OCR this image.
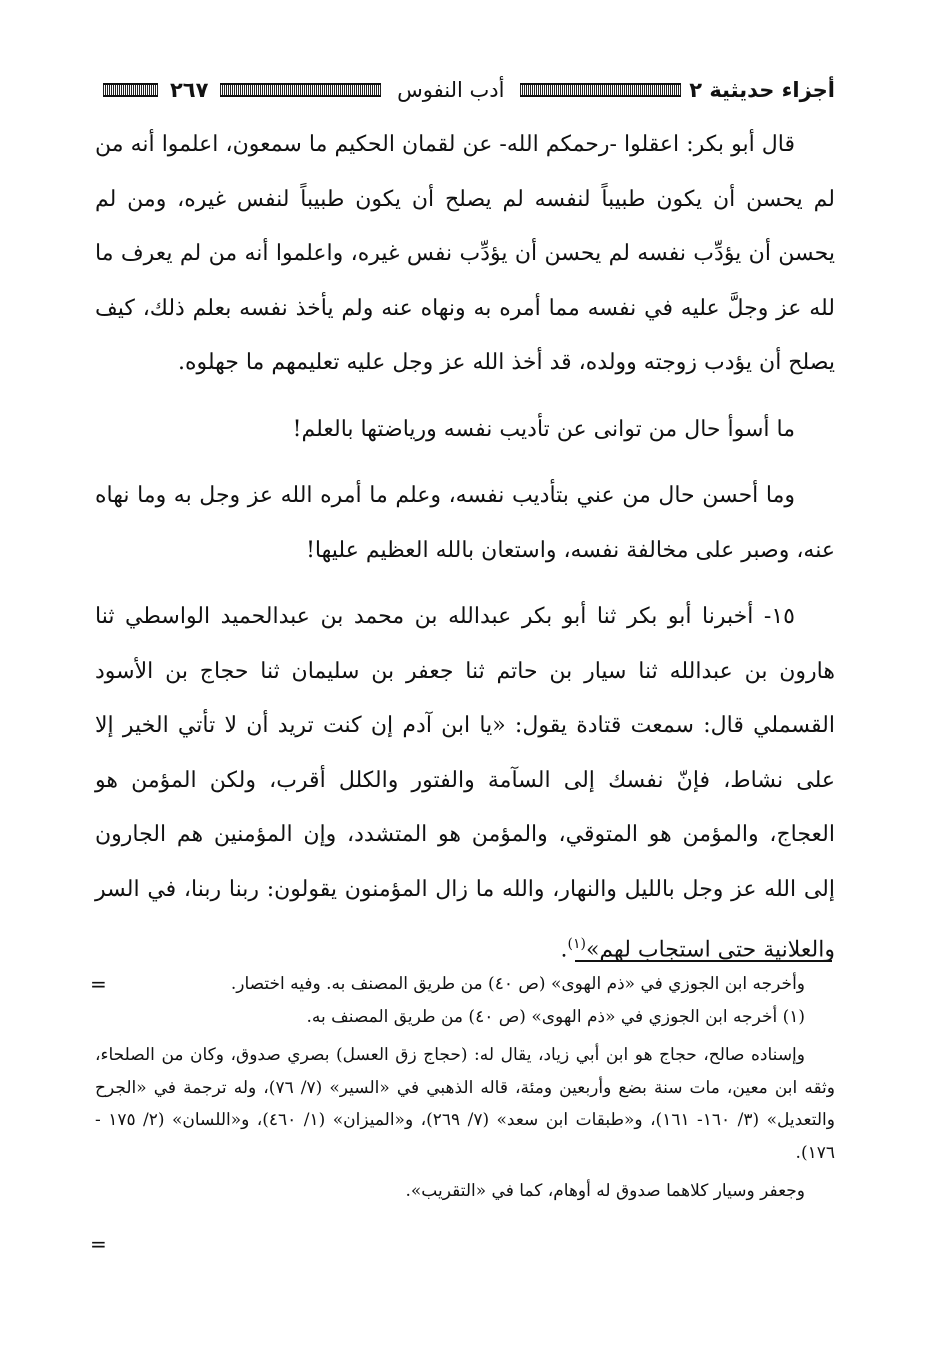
أجزاء حديثية ٢
أدب النفوس
٢٦٧

قال أبو بكر: اعقلوا -رحمكم الله- عن لقمان الحكيم ما سمعون، اعلموا أنه من لم يحسن أن يكون طبيباً لنفسه لم يصلح أن يكون طبيباً لنفس غيره، ومن لم يحسن أن يؤدِّب نفسه لم يحسن أن يؤدِّب نفس غيره، واعلموا أنه من لم يعرف ما لله عز وجلَّ عليه في نفسه مما أمره به ونهاه عنه ولم يأخذ نفسه بعلم ذلك، كيف يصلح أن يؤدب زوجته وولده، قد أخذ الله عز وجل عليه تعليمهم ما جهلوه.

ما أسوأ حال من توانى عن تأديب نفسه ورياضتها بالعلم!

وما أحسن حال من عني بتأديب نفسه، وعلم ما أمره الله عز وجل به وما نهاه عنه، وصبر على مخالفة نفسه، واستعان بالله العظيم عليها!

١٥- أخبرنا أبو بكر ثنا أبو بكر عبدالله بن محمد بن عبدالحميد الواسطي ثنا هارون بن عبدالله ثنا سيار بن حاتم ثنا جعفر بن سليمان ثنا حجاج بن الأسود القسملي قال: سمعت قتادة يقول: «يا ابن آدم إن كنت تريد أن لا تأتي الخير إلا على نشاط، فإنّ نفسك إلى السآمة والفتور والكلل أقرب، ولكن المؤمن هو العجاج، والمؤمن هو المتوقي، والمؤمن هو المتشدد، وإن المؤمنين هم الجارون إلى الله عز وجل بالليل والنهار، والله ما زال المؤمنون يقولون: ربنا ربنا، في السر والعلانية حتى استجاب لهم»$^{(١)}$.

=	وأخرجه ابن الجوزي في «ذم الهوى» (ص ٤٠) من طريق المصنف به. وفيه اختصار.

(١) أخرجه ابن الجوزي في «ذم الهوى» (ص ٤٠) من طريق المصنف به.

وإسناده صالح، حجاج هو ابن أبي زياد، يقال له: (حجاج زق العسل) بصري صدوق، وكان من الصلحاء، وثقه ابن معين، مات سنة بضع وأربعين ومئة، قاله الذهبي في «السير» (٧/ ٧٦)، وله ترجمة في «الجرح والتعديل» (٣/ ١٦٠- ١٦١)، و«طبقات ابن سعد» (٧/ ٢٦٩)، و«الميزان» (١/ ٤٦٠)، و«اللسان» (٢/ ١٧٥ - ١٧٦).

وجعفر وسيار كلاهما صدوق له أوهام، كما في «التقريب».

=
